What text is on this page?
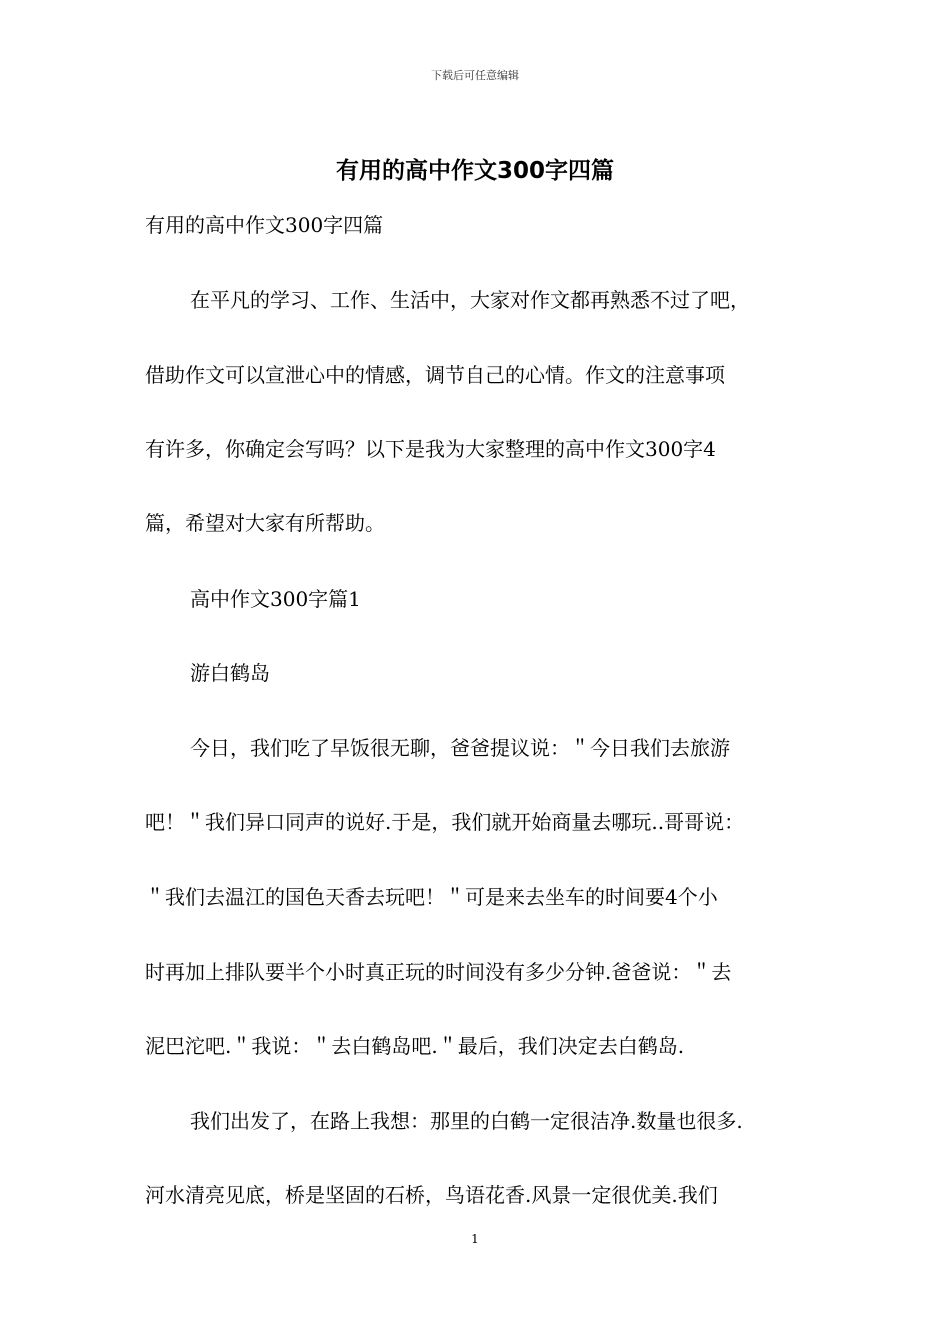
下载后可任意编辑
有用的高中作文300字四篇
有用的高中作文300字四篇
在平凡的学习、工作、生活中，大家对作文都再熟悉不过了吧，
借助作文可以宣泄心中的情感，调节自己的心情。作文的注意事项
有许多，你确定会写吗？以下是我为大家整理的高中作文300字4
篇，希望对大家有所帮助。
高中作文300字篇1
游白鹤岛
今日，我们吃了早饭很无聊，爸爸提议说：＂今日我们去旅游
吧！＂我们异口同声的说好.于是，我们就开始商量去哪玩..哥哥说：
＂我们去温江的国色天香去玩吧！＂可是来去坐车的时间要4个小
时再加上排队要半个小时真正玩的时间没有多少分钟.爸爸说：＂去
泥巴沱吧.＂我说：＂去白鹤岛吧.＂最后，我们决定去白鹤岛.
我们出发了，在路上我想：那里的白鹤一定很洁净.数量也很多.
河水清亮见底，桥是坚固的石桥，鸟语花香.风景一定很优美.我们
1
